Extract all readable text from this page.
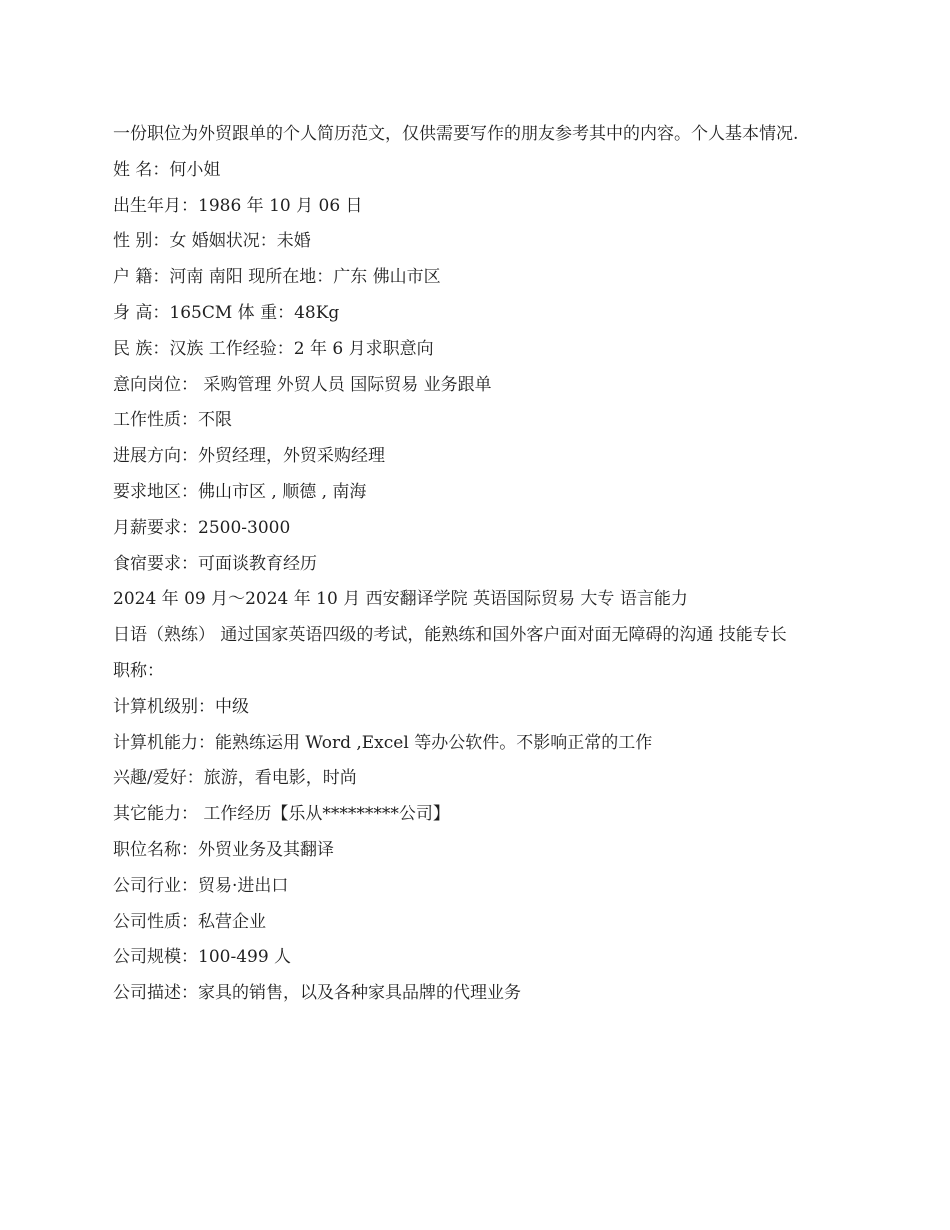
一份职位为外贸跟单的个人简历范文，仅供需要写作的朋友参考其中的内容。个人基本情况.

姓 名：何小姐

出生年月：1986 年 10 月 06 日

性 别：女 婚姻状况：未婚

户 籍：河南 南阳 现所在地：广东 佛山市区

身 高：165CM 体 重：48Kg

民 族：汉族 工作经验：2 年 6 月求职意向

意向岗位： 采购管理 外贸人员 国际贸易 业务跟单

工作性质：不限

进展方向：外贸经理，外贸采购经理

要求地区：佛山市区 , 顺德 , 南海

月薪要求：2500-3000

食宿要求：可面谈教育经历

2024 年 09 月～2024 年 10 月 西安翻译学院 英语国际贸易 大专 语言能力

日语（熟练） 通过国家英语四级的考试，能熟练和国外客户面对面无障碍的沟通 技能专长

职称：

计算机级别：中级

计算机能力：能熟练运用 Word ,Excel 等办公软件。不影响正常的工作

兴趣/爱好：旅游，看电影，时尚

其它能力： 工作经历【乐从*********公司】

职位名称：外贸业务及其翻译

公司行业：贸易·进出口

公司性质：私营企业

公司规模：100-499 人

公司描述：家具的销售，以及各种家具品牌的代理业务
